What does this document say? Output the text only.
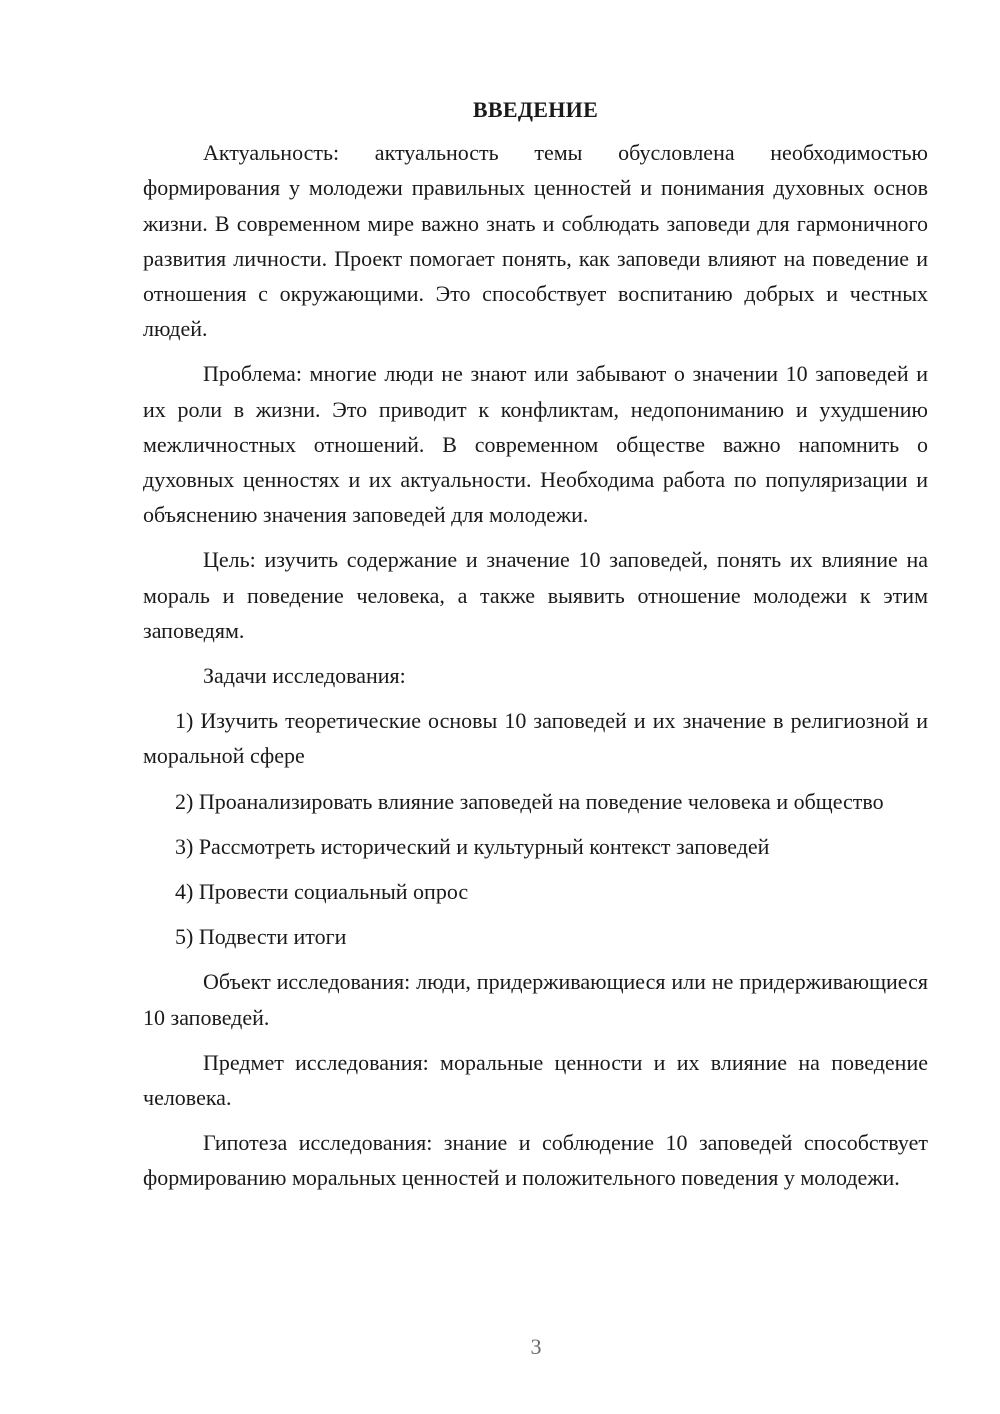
ВВЕДЕНИЕ

Актуальность: актуальность темы обусловлена необходимостью формирования у молодежи правильных ценностей и понимания духовных основ жизни. В современном мире важно знать и соблюдать заповеди для гармоничного развития личности. Проект помогает понять, как заповеди влияют на поведение и отношения с окружающими. Это способствует воспитанию добрых и честных людей.

Проблема: многие люди не знают или забывают о значении 10 заповедей и их роли в жизни. Это приводит к конфликтам, недопониманию и ухудшению межличностных отношений. В современном обществе важно напомнить о духовных ценностях и их актуальности. Необходима работа по популяризации и объяснению значения заповедей для молодежи.

Цель: изучить содержание и значение 10 заповедей, понять их влияние на мораль и поведение человека, а также выявить отношение молодежи к этим заповедям.

Задачи исследования:

1) Изучить теоретические основы 10 заповедей и их значение в религиозной и моральной сфере

2) Проанализировать влияние заповедей на поведение человека и общество

3) Рассмотреть исторический и культурный контекст заповедей

4) Провести социальный опрос

5) Подвести итоги

Объект исследования: люди, придерживающиеся или не придерживающиеся 10 заповедей.

Предмет исследования: моральные ценности и их влияние на поведение человека.

Гипотеза исследования: знание и соблюдение 10 заповедей способствует формированию моральных ценностей и положительного поведения у молодежи.

3
